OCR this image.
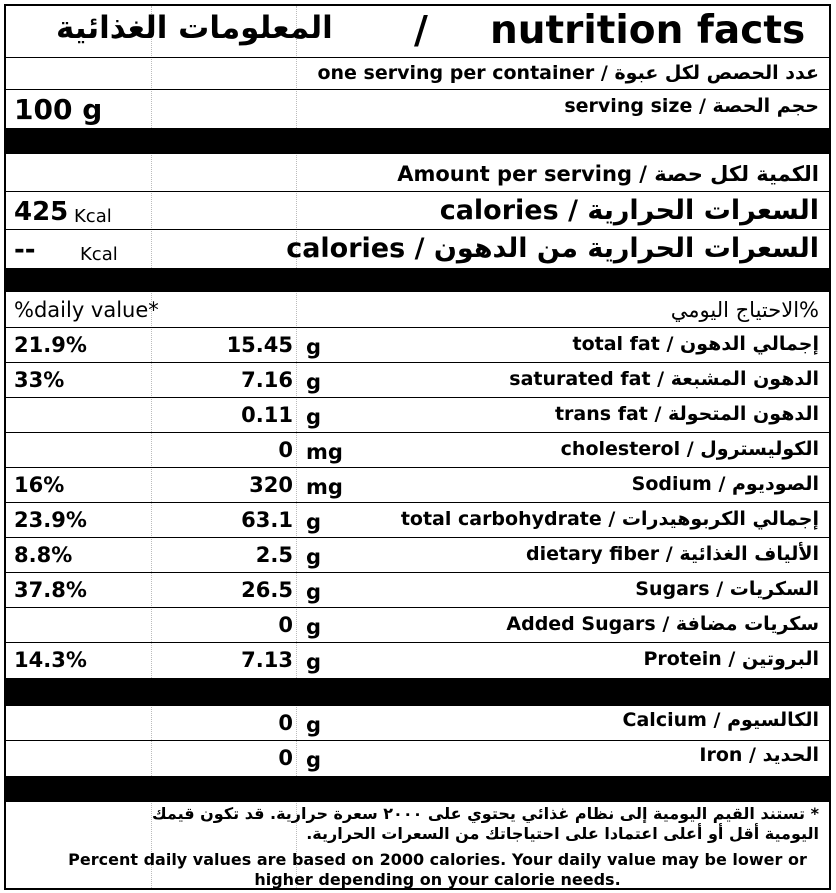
المعلومات الغذائية / nutrition facts
عدد الحصص لكل عبوة / one serving per container
100 g	حجم الحصة / serving size
الكمية لكل حصة / Amount per serving
425 Kcal	السعرات الحرارية / calories
-- Kcal	السعرات الحرارية من الدهون / calories
%daily value*	%الاحتياج اليومي
21.9%	15.45 g	إجمالي الدهون / total fat
33%	7.16 g	الدهون المشبعة / saturated fat
0.11 g	الدهون المتحولة / trans fat
0 mg	الكوليسترول / cholesterol
16%	320 mg	الصوديوم / Sodium
23.9%	63.1 g	إجمالي الكربوهيدرات / total carbohydrate
8.8%	2.5 g	الألياف الغذائية / dietary fiber
37.8%	26.5 g	السكريات / Sugars
0 g	سكريات مضافة / Added Sugars
14.3%	7.13 g	البروتين / Protein
0 g	الكالسيوم / Calcium
0 g	الحديد / Iron
* تستند القيم اليومية إلى نظام غذائي يحتوي على ٢٠٠٠ سعرة حرارية. قد تكون قيمك اليومية أقل أو أعلى اعتمادا على احتياجاتك من السعرات الحرارية.
Percent daily values are based on 2000 calories. Your daily value may be lower or higher depending on your calorie needs.
